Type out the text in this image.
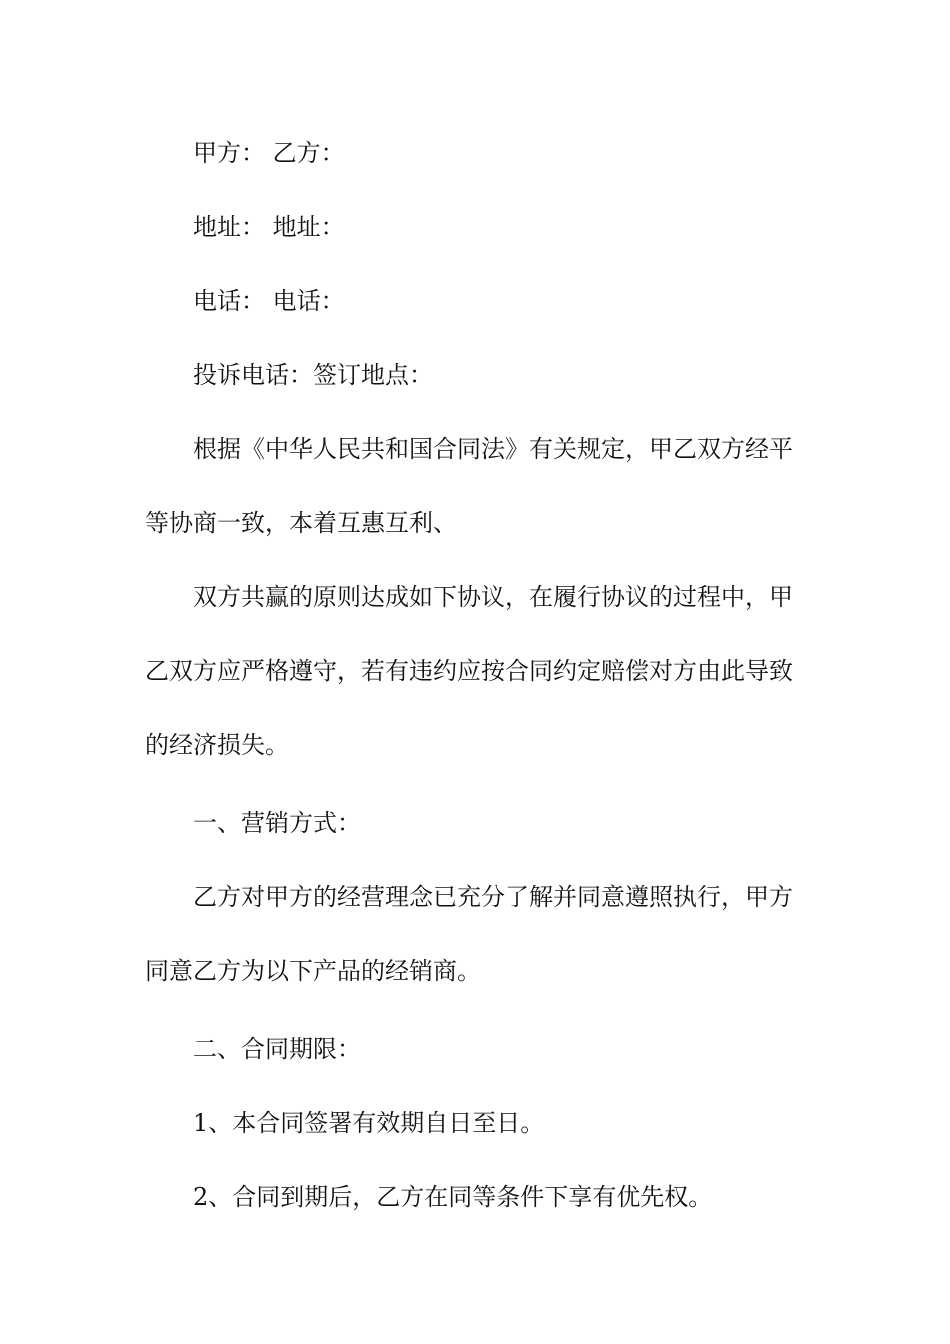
甲方： 乙方：
地址： 地址：
电话： 电话：
投诉电话：签订地点：
根据《中华人民共和国合同法》有关规定，甲乙双方经平
等协商一致，本着互惠互利、
双方共赢的原则达成如下协议，在履行协议的过程中，甲
乙双方应严格遵守，若有违约应按合同约定赔偿对方由此导致
的经济损失。
一、营销方式：
乙方对甲方的经营理念已充分了解并同意遵照执行，甲方
同意乙方为以下产品的经销商。
二、合同期限：
1、本合同签署有效期自日至日。
2、合同到期后，乙方在同等条件下享有优先权。
